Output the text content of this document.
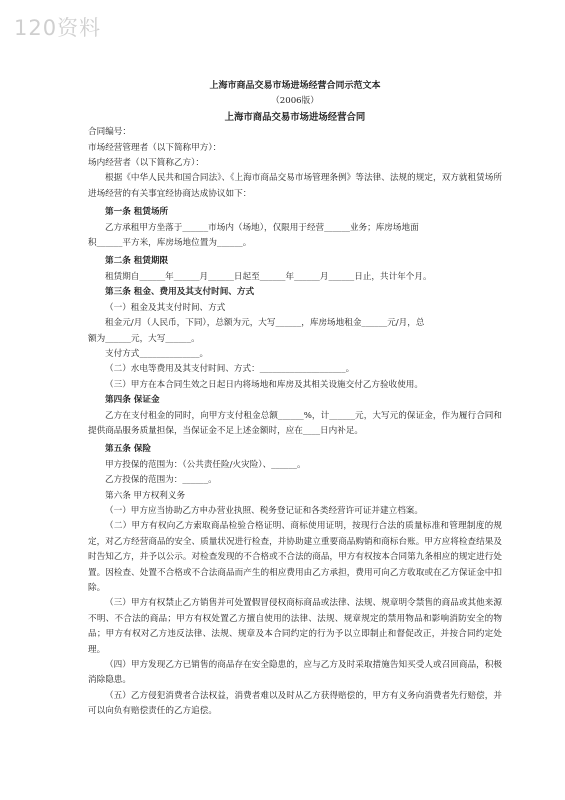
120资料
上海市商品交易市场进场经营合同示范文本
（2006版）
上海市商品交易市场进场经营合同
合同编号：
市场经营管理者（以下简称甲方）：
场内经营者（以下简称乙方）：
根据《中华人民共和国合同法》、《上海市商品交易市场管理条例》等法律、法规的规定，双方就租赁场所进场经营的有关事宜经协商达成协议如下：
第一条 租赁场所
乙方承租甲方坐落于______市场内（场地），仅限用于经营______业务；库房场地面
积______平方米，库房场地位置为______。
第二条 租赁期限
租赁期自______年______月______日起至______年______月______日止，共计年个月。
第三条 租金、费用及其支付时间、方式
（一）租金及其支付时间、方式
租金元/月（人民币，下同），总额为元，大写______，库房场地租金______元/月，总
额为______元，大写______。
支付方式______________。
（二）水电等费用及其支付时间、方式：____________________。
（三）甲方在本合同生效之日起日内将场地和库房及其相关设施交付乙方验收使用。
第四条 保证金
乙方在支付租金的同时，向甲方支付租金总额______%，计______元，大写元的保证金，作为履行合同和提供商品服务质量担保，当保证金不足上述金额时，应在____日内补足。
第五条 保险
甲方投保的范围为：（公共责任险/火灾险）、______。
乙方投保的范围为：______。
第六条 甲方权利义务
（一）甲方应当协助乙方申办营业执照、税务登记证和各类经营许可证并建立档案。
（二）甲方有权向乙方索取商品检验合格证明、商标使用证明，按现行合法的质量标准和管理制度的规定，对乙方经营商品的安全、质量状况进行检查，并协助建立重要商品购销和商标台账。甲方应将检查结果及时告知乙方，并予以公示。对检查发现的不合格或不合法的商品，甲方有权按本合同第九条相应的规定进行处置。因检查、处置不合格或不合法商品而产生的相应费用由乙方承担，费用可向乙方收取或在乙方保证金中扣除。
（三）甲方有权禁止乙方销售并可处置假冒侵权商标商品或法律、法规、规章明令禁售的商品或其他来源不明、不合法的商品；甲方有权处置乙方擅自使用的法律、法规、规章规定的禁用物品和影响消防安全的物品；甲方有权对乙方违反法律、法规、规章及本合同约定的行为予以立即制止和督促改正，并按合同约定处理。
（四）甲方发现乙方已销售的商品存在安全隐患的，应与乙方及时采取措施告知买受人或召回商品，积极消除隐患。
（五）乙方侵犯消费者合法权益，消费者难以及时从乙方获得赔偿的，甲方有义务向消费者先行赔偿，并可以向负有赔偿责任的乙方追偿。
